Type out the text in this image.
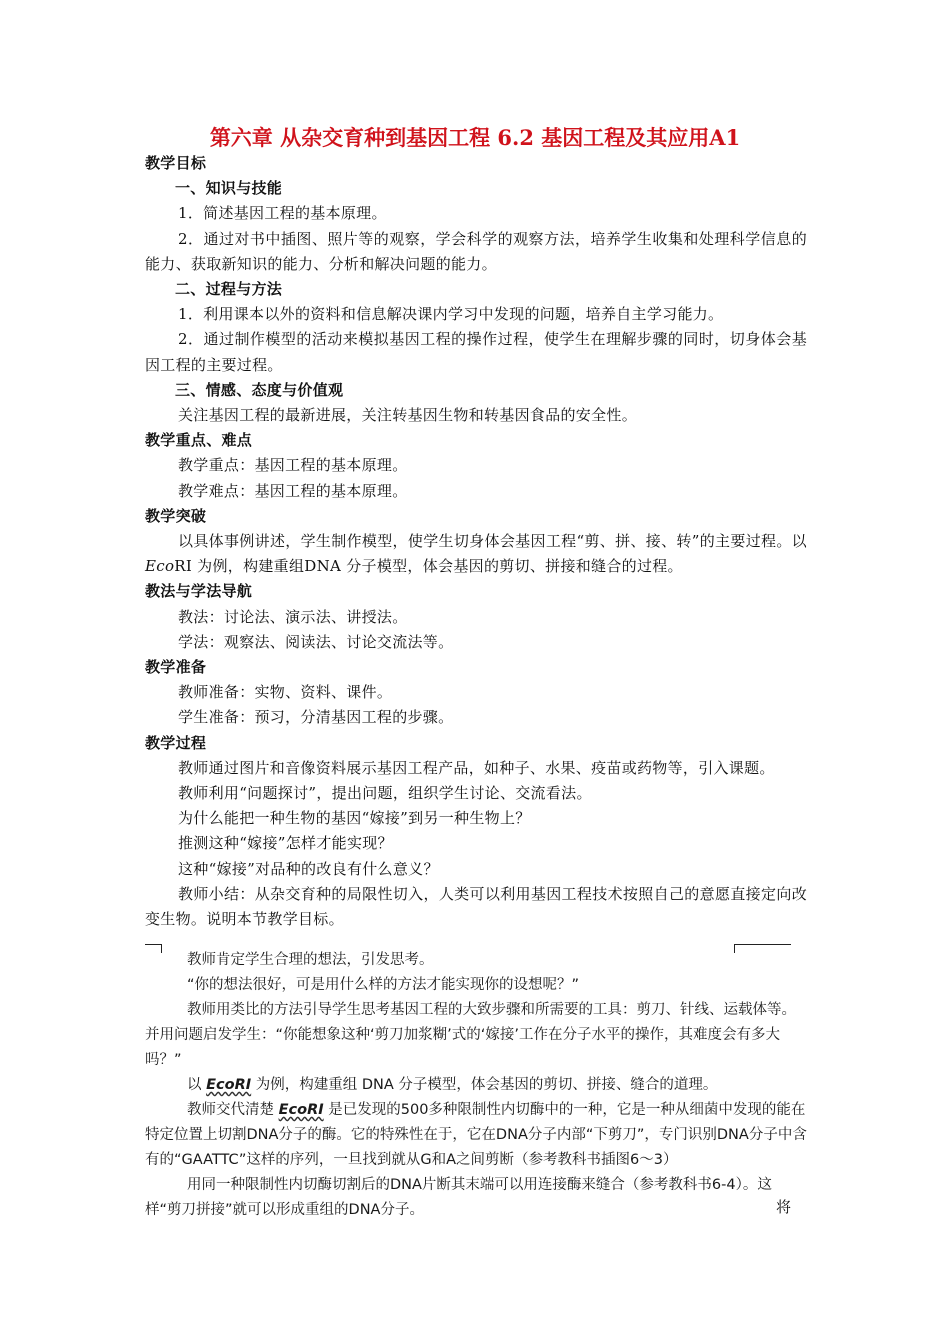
第六章 从杂交育种到基因工程 6.2 基因工程及其应用A1

教学目标

一、知识与技能

1．简述基因工程的基本原理。

2．通过对书中插图、照片等的观察，学会科学的观察方法，培养学生收集和处理科学信息的能力、获取新知识的能力、分析和解决问题的能力。

二、过程与方法

1．利用课本以外的资料和信息解决课内学习中发现的问题，培养自主学习能力。

2．通过制作模型的活动来模拟基因工程的操作过程，使学生在理解步骤的同时，切身体会基因工程的主要过程。

三、情感、态度与价值观

关注基因工程的最新进展，关注转基因生物和转基因食品的安全性。

教学重点、难点

教学重点：基因工程的基本原理。

教学难点：基因工程的基本原理。

教学突破

以具体事例讲述，学生制作模型，使学生切身体会基因工程“剪、拼、接、转”的主要过程。以EcoRI 为例，构建重组DNA 分子模型，体会基因的剪切、拼接和缝合的过程。

教法与学法导航

教法：讨论法、演示法、讲授法。

学法：观察法、阅读法、讨论交流法等。

教学准备

教师准备：实物、资料、课件。

学生准备：预习，分清基因工程的步骤。

教学过程

教师通过图片和音像资料展示基因工程产品，如种子、水果、疫苗或药物等，引入课题。

教师利用“问题探讨”，提出问题，组织学生讨论、交流看法。

为什么能把一种生物的基因“嫁接”到另一种生物上？

推测这种“嫁接”怎样才能实现？

这种“嫁接”对品种的改良有什么意义？

教师小结：从杂交育种的局限性切入，人类可以利用基因工程技术按照自己的意愿直接定向改变生物。说明本节教学目标。

教师肯定学生合理的想法，引发思考。

“你的想法很好，可是用什么样的方法才能实现你的设想呢？”

教师用类比的方法引导学生思考基因工程的大致步骤和所需要的工具：剪刀、针线、运载体等。并用问题启发学生：“你能想象这种‘剪刀加浆糊’式的‘嫁接’工作在分子水平的操作，其难度会有多大吗？”

以 EcoRI 为例，构建重组 DNA 分子模型，体会基因的剪切、拼接、缝合的道理。

教师交代清楚 EcoRI 是已发现的500多种限制性内切酶中的一种，它是一种从细菌中发现的能在特定位置上切割DNA分子的酶。它的特殊性在于，它在DNA分子内部“下剪刀”，专门识别DNA分子中含有的“GAATTC”这样的序列，一旦找到就从G和A之间剪断（参考教科书插图6～3）

用同一种限制性内切酶切割后的DNA片断其末端可以用连接酶来缝合（参考教科书6-4）。这样“剪刀拼接”就可以形成重组的DNA分子。	将
